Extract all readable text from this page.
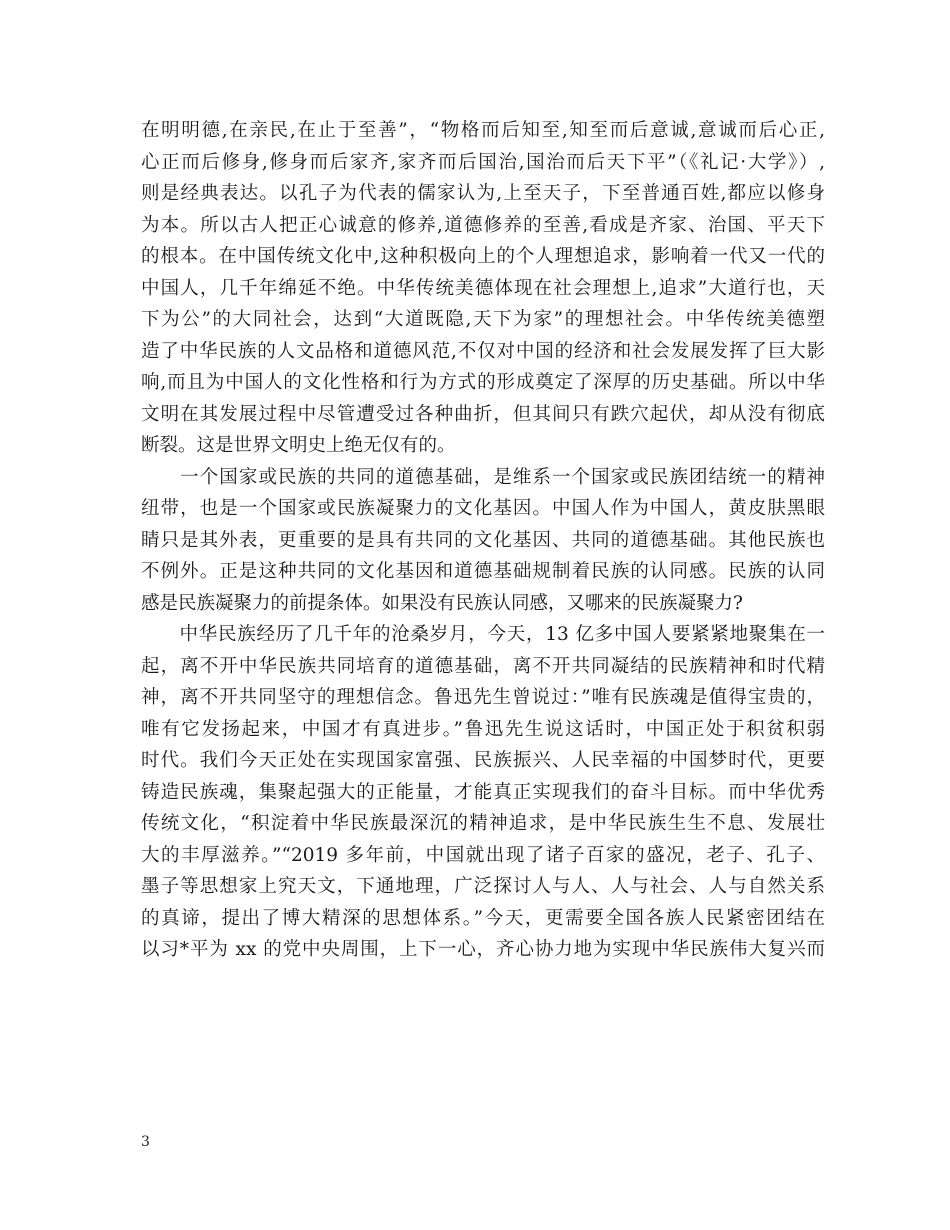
在明明德,在亲民,在止于至善”，“物格而后知至,知至而后意诚,意诚而后心正,
心正而后修身,修身而后家齐,家齐而后国治,国治而后天下平”（《礼记·大学》）,
则是经典表达。以孔子为代表的儒家认为,上至天子，下至普通百姓,都应以修身
为本。所以古人把正心诚意的修养,道德修养的至善,看成是齐家、治国、平天下
的根本。在中国传统文化中,这种积极向上的个人理想追求，影响着一代又一代的
中国人，几千年绵延不绝。中华传统美德体现在社会理想上,追求”大道行也，天
下为公”的大同社会，达到“大道既隐,天下为家”的理想社会。中华传统美德塑
造了中华民族的人文品格和道德风范,不仅对中国的经济和社会发展发挥了巨大影
响,而且为中国人的文化性格和行为方式的形成奠定了深厚的历史基础。所以中华
文明在其发展过程中尽管遭受过各种曲折，但其间只有跌穴起伏，却从没有彻底
断裂。这是世界文明史上绝无仅有的。
　　一个国家或民族的共同的道德基础，是维系一个国家或民族团结统一的精神
纽带，也是一个国家或民族凝聚力的文化基因。中国人作为中国人，黄皮肤黑眼
睛只是其外表，更重要的是具有共同的文化基因、共同的道德基础。其他民族也
不例外。正是这种共同的文化基因和道德基础规制着民族的认同感。民族的认同
感是民族凝聚力的前提条体。如果没有民族认同感，又哪来的民族凝聚力?
　　中华民族经历了几千年的沧桑岁月，今天，13 亿多中国人要紧紧地聚集在一
起，离不开中华民族共同培育的道德基础，离不开共同凝结的民族精神和时代精
神，离不开共同坚守的理想信念。鲁迅先生曾说过：”唯有民族魂是值得宝贵的，
唯有它发扬起来，中国才有真进步。”鲁迅先生说这话时，中国正处于积贫积弱
时代。我们今天正处在实现国家富强、民族振兴、人民幸福的中国梦时代，更要
铸造民族魂，集聚起强大的正能量，才能真正实现我们的奋斗目标。而中华优秀
传统文化，“积淀着中华民族最深沉的精神追求，是中华民族生生不息、发展壮
大的丰厚滋养。”“2019 多年前，中国就出现了诸子百家的盛况，老子、孔子、
墨子等思想家上究天文，下通地理，广泛探讨人与人、人与社会、人与自然关系
的真谛，提出了博大精深的思想体系。”今天，更需要全国各族人民紧密团结在
以习*平为 xx 的党中央周围，上下一心，齐心协力地为实现中华民族伟大复兴而
3
